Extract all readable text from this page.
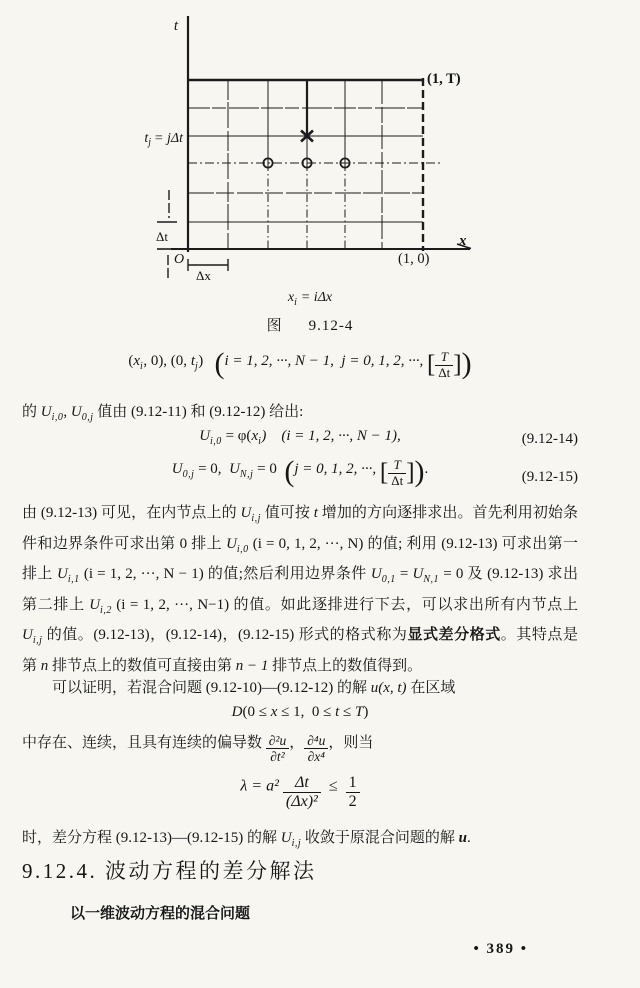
t
(1, T)
(1, 0)
x
$t_j = j\Delta t$
Δt
O
Δx
$x_i = i\Delta x$
图 9.12-4
($x_i$, 0), (0, $t_j$)   (i = 1, 2, ···, N − 1,  j = 0, 1, 2, ···, [ $\frac{T}{\Delta t}$ ])
的 $U_{i,0}$, $U_{0,j}$ 值由 (9.12-11) 和 (9.12-12) 给出:
$U_{i,0} = \varphi(x_i)$    (i = 1, 2, ···, N − 1),	(9.12-14)
$U_{0,j} = 0$,  $U_{N,j} = 0$  (j = 0, 1, 2, ···, [ $\frac{T}{\Delta t}$ ]).	(9.12-15)

由 (9.12-13) 可见，在内节点上的 $U_{i,j}$ 值可按 t 增加的方向逐排求出。首先利用初始条件和边界条件可求出第 0 排上 $U_{i,0}$ (i = 0, 1, 2, ···, N) 的值; 利用 (9.12-13) 可求出第一排上 $U_{i,1}$ (i = 1, 2, ···, N − 1) 的值;然后利用边界条件 $U_{0,1} = U_{N,1} = 0$ 及 (9.12-13) 求出第二排上 $U_{i,2}$ (i = 1, 2, ···, N−1) 的值。如此逐排进行下去，可以求出所有内节点上 $U_{i,j}$ 的值。(9.12-13)，(9.12-14)，(9.12-15) 形式的格式称为显式差分格式。其特点是第 n 排节点上的数值可直接由第 n − 1 排节点上的数值得到。

可以证明，若混合问题 (9.12-10)—(9.12-12) 的解 u(x, t) 在区域

D(0 ≤ x ≤ 1,  0 ≤ t ≤ T)

中存在、连续，且具有连续的偏导数 $\frac{\text{∂²u}}{\text{∂t²}}$ ， $\frac{\text{∂⁴u}}{\text{∂x⁴}}$ ，则当

$\lambda = a^2 \frac{\Delta t}{\text{(Δx)²}} \le \frac{1}{2}$

时，差分方程 (9.12-13)—(9.12-15) 的解 $U_{i,j}$ 收敛于原混合问题的解 u.

9.12.4. 波动方程的差分解法

以一维波动方程的混合问题

• 389 •
